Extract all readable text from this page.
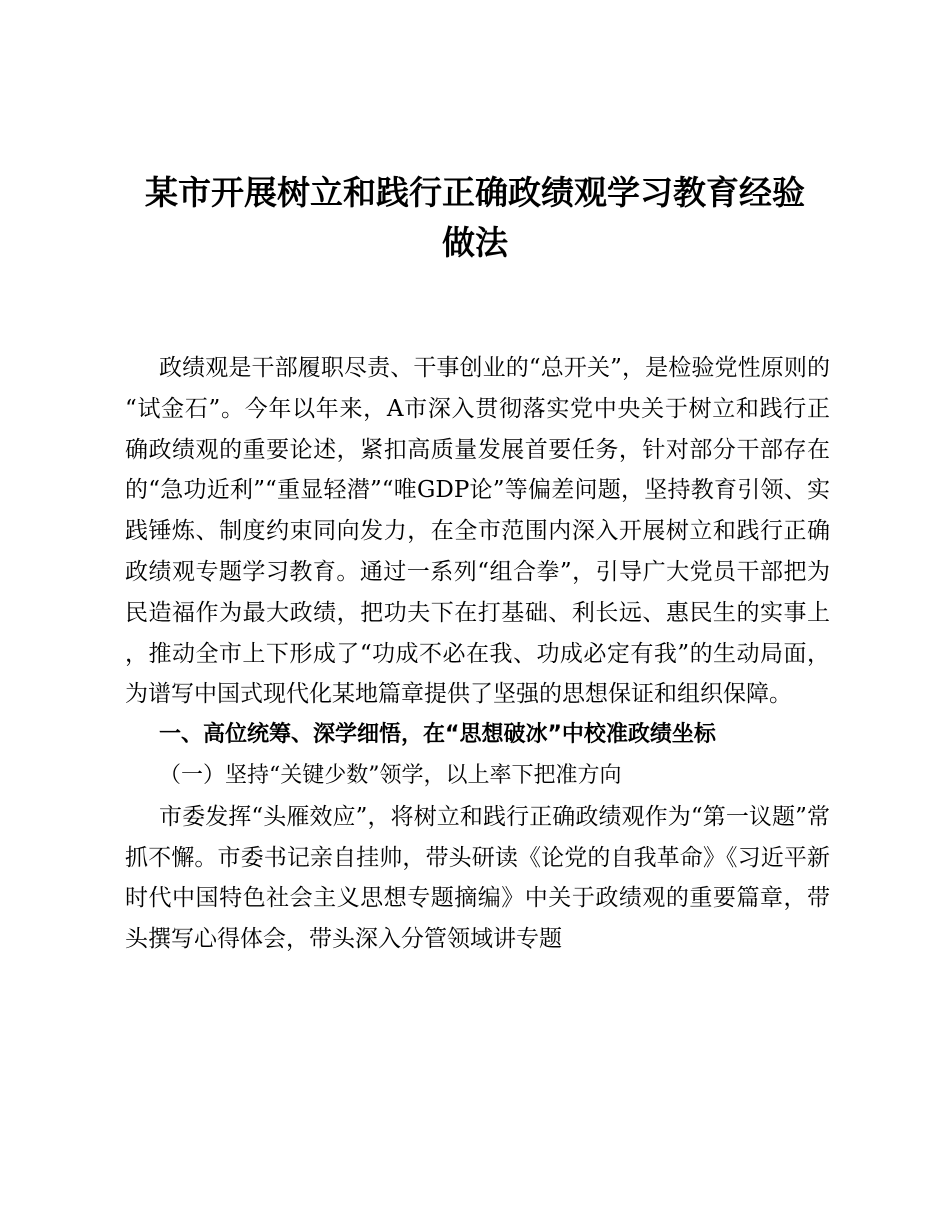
某市开展树立和践行正确政绩观学习教育经验
做法

政绩观是干部履职尽责、干事创业的“总开关”，是检验党性原则的“试金石”。今年以年来，A市深入贯彻落实党中央关于树立和践行正确政绩观的重要论述，紧扣高质量发展首要任务，针对部分干部存在的“急功近利”“重显轻潜”“唯GDP论”等偏差问题，坚持教育引领、实践锤炼、制度约束同向发力，在全市范围内深入开展树立和践行正确政绩观专题学习教育。通过一系列“组合拳”，引导广大党员干部把为民造福作为最大政绩，把功夫下在打基础、利长远、惠民生的实事上，推动全市上下形成了“功成不必在我、功成必定有我”的生动局面，为谱写中国式现代化某地篇章提供了坚强的思想保证和组织保障。

一、高位统筹、深学细悟，在“思想破冰”中校准政绩坐标

（一）坚持“关键少数”领学，以上率下把准方向

市委发挥“头雁效应”，将树立和践行正确政绩观作为“第一议题”常抓不懈。市委书记亲自挂帅，带头研读《论党的自我革命》《习近平新时代中国特色社会主义思想专题摘编》中关于政绩观的重要篇章，带头撰写心得体会，带头深入分管领域讲专题
